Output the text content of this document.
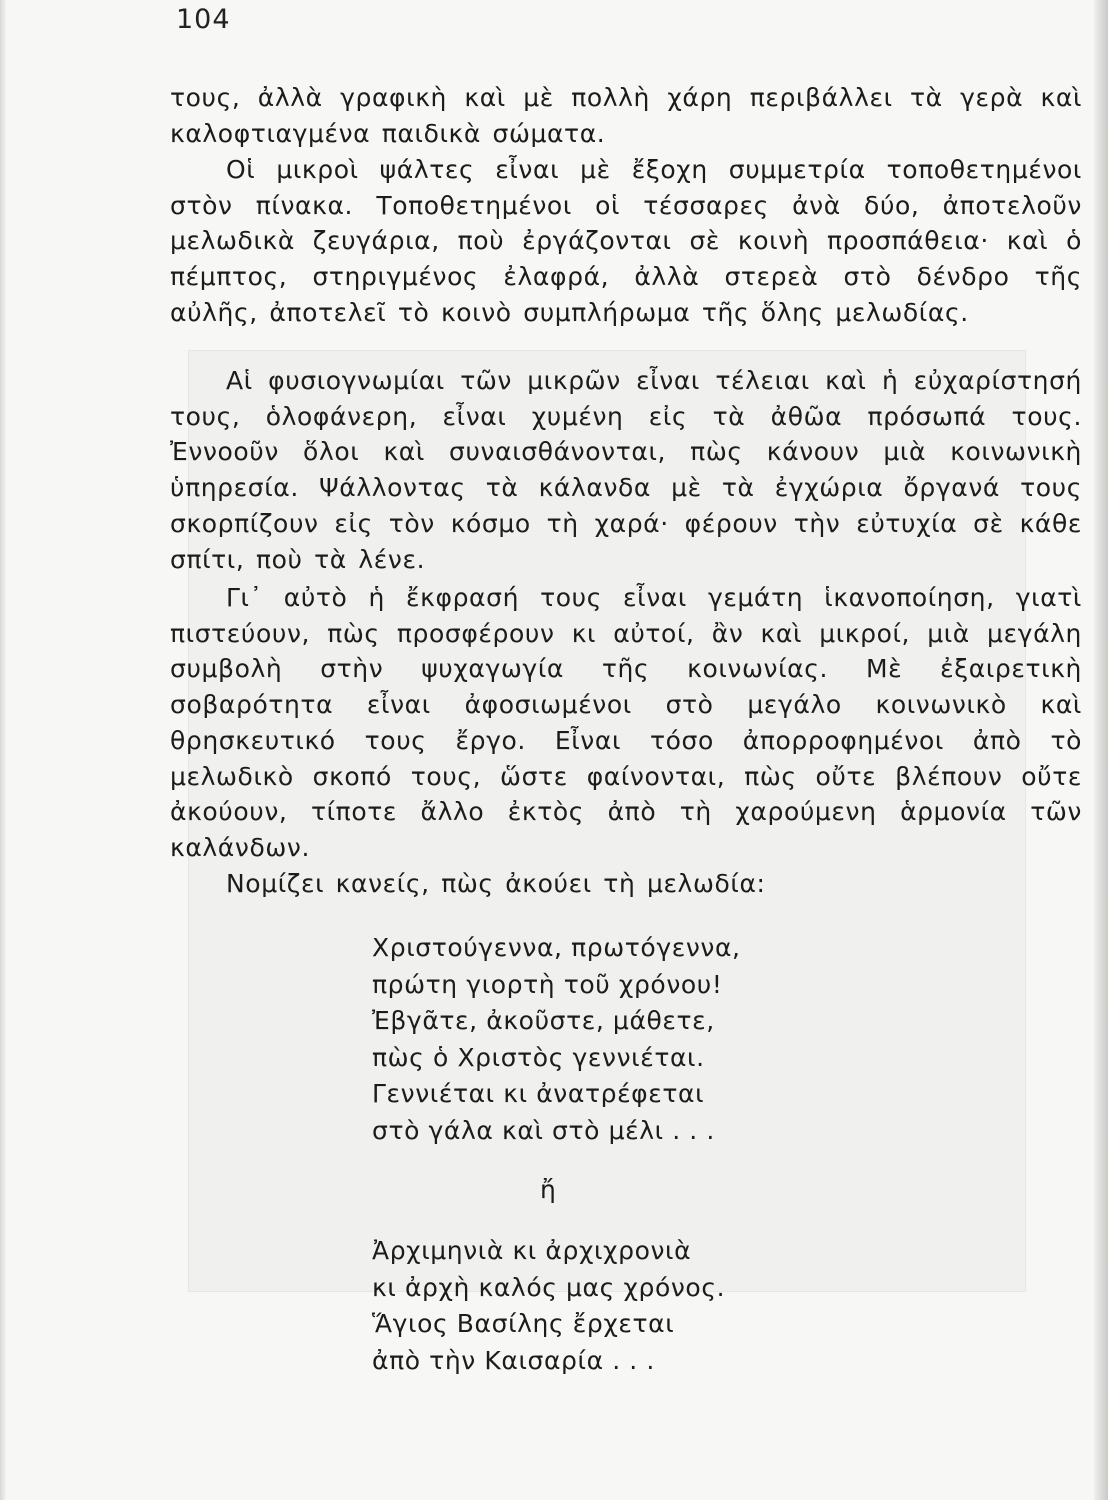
104

τους, ἀλλὰ γραφικὴ καὶ μὲ πολλὴ χάρη περιβάλλει τὰ γερὰ καὶ καλοφτιαγμένα παιδικὰ σώματα.

Οἱ μικροὶ ψάλτες εἶναι μὲ ἔξοχη συμμετρία τοποθετημένοι στὸν πίνακα. Τοποθετημένοι οἱ τέσσαρες ἀνὰ δύο, ἀποτελοῦν μελωδικὰ ζευγάρια, ποὺ ἐργάζονται σὲ κοινὴ προσπάθεια· καὶ ὁ πέμπτος, στηριγμένος ἐλαφρά, ἀλλὰ στερεὰ στὸ δένδρο τῆς αὐλῆς, ἀποτελεῖ τὸ κοινὸ συμπλήρωμα τῆς ὅλης μελωδίας.

Αἱ φυσιογνωμίαι τῶν μικρῶν εἶναι τέλειαι καὶ ἡ εὐχαρίστησή τους, ὁλοφάνερη, εἶναι χυμένη εἰς τὰ ἀθῶα πρόσωπά τους. Ἐννοοῦν ὅλοι καὶ συναισθάνονται, πὼς κάνουν μιὰ κοινωνικὴ ὑπηρεσία. Ψάλλοντας τὰ κάλανδα μὲ τὰ ἐγχώρια ὄργανά τους σκορπίζουν εἰς τὸν κόσμο τὴ χαρά· φέρουν τὴν εὐτυχία σὲ κάθε σπίτι, ποὺ τὰ λένε.

Γι᾿ αὐτὸ ἡ ἔκφρασή τους εἶναι γεμάτη ἱκανοποίηση, γιατὶ πιστεύουν, πὼς προσφέρουν κι αὐτοί, ἂν καὶ μικροί, μιὰ μεγάλη συμβολὴ στὴν ψυχαγωγία τῆς κοινωνίας. Μὲ ἐξαιρετικὴ σοβαρότητα εἶναι ἀφοσιωμένοι στὸ μεγάλο κοινωνικὸ καὶ θρησκευτικό τους ἔργο. Εἶναι τόσο ἀπορροφημένοι ἀπὸ τὸ μελωδικὸ σκοπό τους, ὥστε φαίνονται, πὼς οὔτε βλέπουν οὔτε ἀκούουν, τίποτε ἄλλο ἐκτὸς ἀπὸ τὴ χαρούμενη ἁρμονία τῶν καλάνδων.

Νομίζει κανείς, πὼς ἀκούει τὴ μελωδία:

Χριστούγεννα, πρωτόγεννα,
πρώτη γιορτὴ τοῦ χρόνου!
Ἐβγᾶτε, ἀκοῦστε, μάθετε,
πὼς ὁ Χριστὸς γεννιέται.
Γεννιέται κι ἀνατρέφεται
στὸ γάλα καὶ στὸ μέλι . . .
ἤ
Ἀρχιμηνιὰ κι ἀρχιχρονιὰ
κι ἀρχὴ καλός μας χρόνος.
Ἅγιος Βασίλης ἔρχεται
ἀπὸ τὴν Καισαρία . . .
